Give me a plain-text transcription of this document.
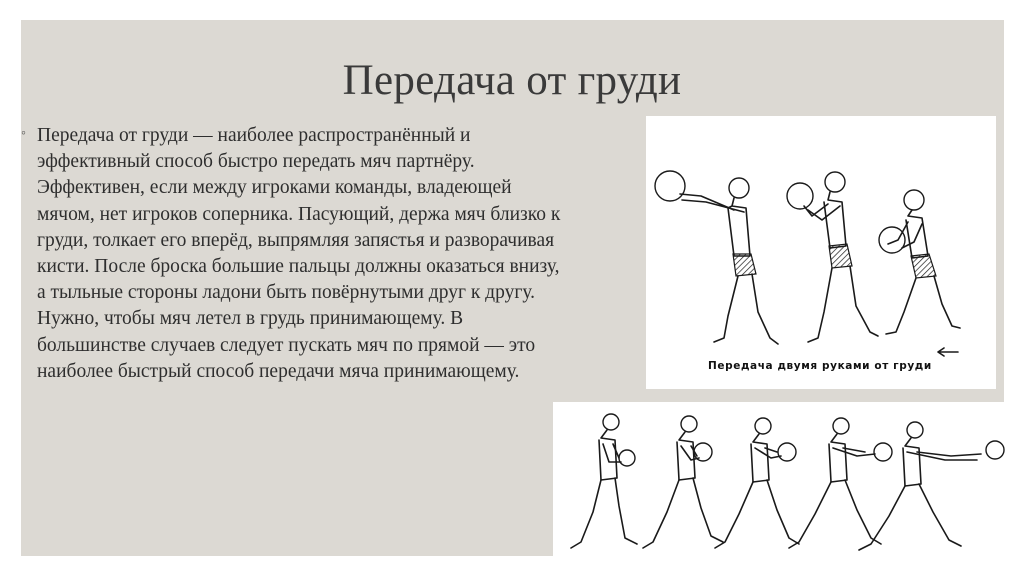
Передача от груди
◦ Передача от груди — наиболее распространённый и эффективный способ быстро передать мяч партнёру. Эффективен, если между игроками команды, владеющей мячом, нет игроков соперника. Пасующий, держа мяч близко к груди, толкает его вперёд, выпрямляя запястья и разворачивая кисти. После броска большие пальцы должны оказаться внизу, а тыльные стороны ладони быть повёрнутыми друг к другу. Нужно, чтобы мяч летел в грудь принимающему. В большинстве случаев следует пускать мяч по прямой — это наиболее быстрый способ передачи мяча принимающему.	Передача двумя руками от груди
